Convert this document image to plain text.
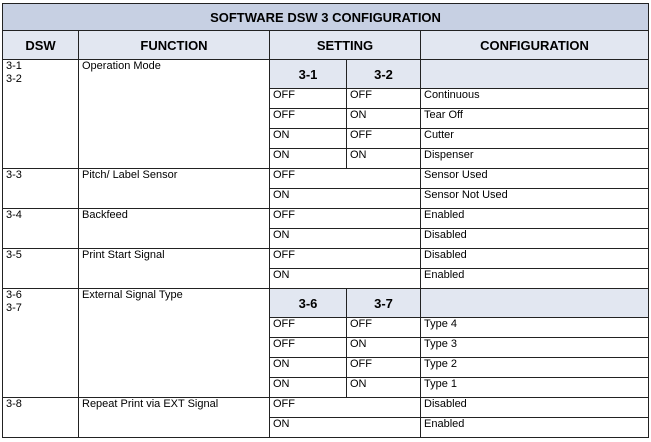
SOFTWARE DSW 3 CONFIGURATION				
DSW	FUNCTION	SETTING		CONFIGURATION

3-1
3-2	Operation Mode	3-1	3-2	
		OFF	OFF	Continuous
		OFF	ON	Tear Off
		ON	OFF	Cutter
		ON	ON	Dispenser
3-3	Pitch/ Label Sensor	OFF		Sensor Used
		ON		Sensor Not Used
3-4	Backfeed	OFF		Enabled
		ON		Disabled
3-5	Print Start Signal	OFF		Disabled
		ON		Enabled

3-6
3-7	External Signal Type	3-6	3-7	
		OFF	OFF	Type 4
		OFF	ON	Type 3
		ON	OFF	Type 2
		ON	ON	Type 1
3-8	Repeat Print via EXT Signal	OFF		Disabled
		ON		Enabled
